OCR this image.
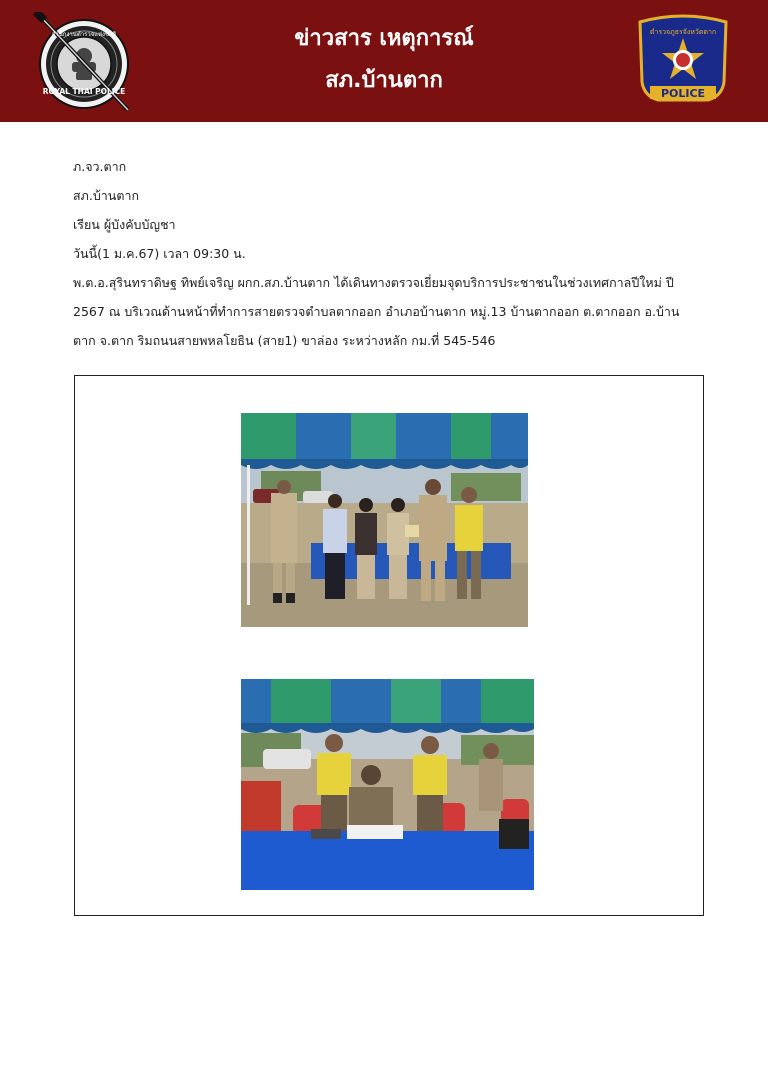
ROYAL THAI POLICE
สำนักงานตำรวจแห่งชาติ	ข่าวสาร เหตุการณ์
สภ.บ้านตาก
ตำรวจภูธรจังหวัดตาก
POLICE
ภ.จว.ตาก
สภ.บ้านตาก
เรียน ผู้บังคับบัญชา
วันนี้(1 ม.ค.67) เวลา 09:30 น.
พ.ต.อ.สุรินทราดิษฐ ทิพย์เจริญ ผกก.สภ.บ้านตาก ได้เดินทางตรวจเยี่ยมจุดบริการประชาชนในช่วงเทศกาลปีใหม่ ปี
2567 ณ บริเวณด้านหน้าที่ทำการสายตรวจตำบลตากออก อำเภอบ้านตาก หมู่.13 บ้านตากออก ต.ตากออก อ.บ้าน
ตาก จ.ตาก ริมถนนสายพหลโยธิน (สาย1) ขาล่อง ระหว่างหลัก กม.ที่ 545-546
